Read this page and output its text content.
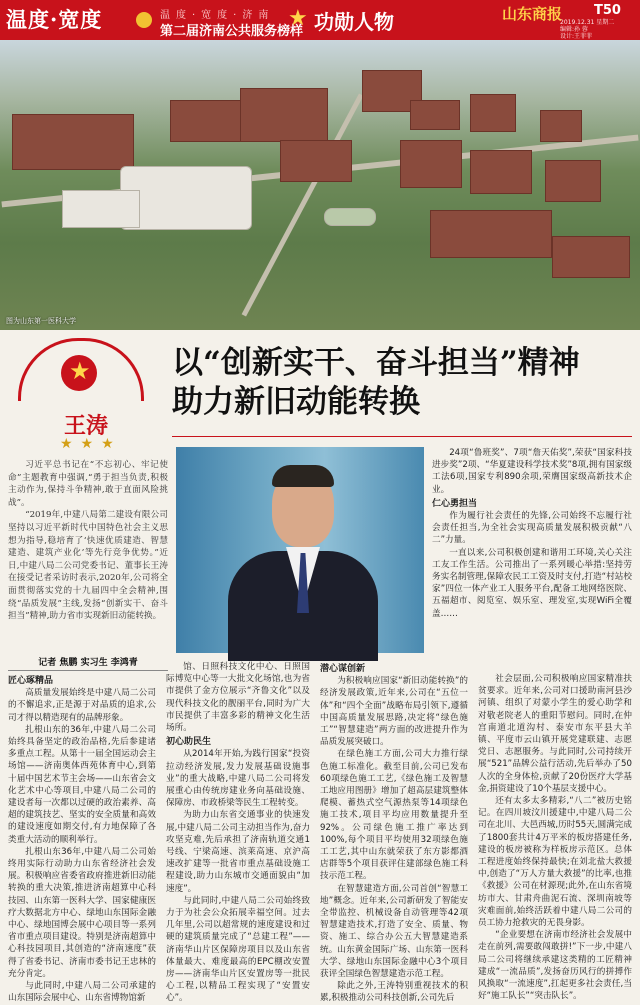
温度·宽度	温度·宽度·济南
第二届济南公共服务榜样
★ 功勋人物	山东商报 T50
2019.12.31 星期二
编辑:孙 蓉
设计:王菲菲
图为山东第一医科大学
★
王涛
★★★
以“创新实干、奋斗担当”精神
助力新旧动能转换

习近平总书记在“不忘初心、牢记使命”主题教育中强调,“勇于担当负责,积极主动作为,保持斗争精神,敢于直面风险挑战”。

“2019年,中建八局第二建设有限公司坚持以习近平新时代中国特色社会主义思想为指导,稳培育了‘快速优质建造、智慧建造、建筑产业化’等先行竞争优势。”近日,中建八局二公司党委书记、董事长王涛在接受记者采访时表示,2020年,公司将全面贯彻落实党的十九届四中全会精神,围绕“品质发展”主线,发扬“创新实干、奋斗担当”精神,助力省市实现新旧动能转换。

记者 焦鹏 实习生 李鸿青

24项“鲁班奖”、7项“詹天佑奖”,荣获“国家科技进步奖”2项、“华夏建设科学技术奖”8项,拥有国家级工法6项,国家专利890余项,荣膺国家级高新技术企业。

仁心勇担当

作为履行社会责任的先锋,公司始终不忘履行社会责任担当,为全社会实现高质量发展积极贡献“八二”力量。

一直以来,公司积极创建和谐用工环境,关心关注工友工作生活。公司推出了一系列暖心举措:坚持劳务实名制管理,保障农民工工资及时支付,打造“村站校家”四位一体产业工人服务平台,配备工地网络医院、五福超市、阅览室、娱乐室、理发室,实现WiFi全覆盖……

匠心琢精品

高质量发展始终是中建八局二公司的不懈追求,正是源于对品质的追求,公司才得以精造现有的品牌形象。

扎根山东的36年,中建八局二公司始终具备坚定的政治品格,先后参建诸多重点工程。从第十一届全国运动会主场馆——济南奥体西苑体育中心,到第十届中国艺术节主会场——山东省会文化艺术中心等项目,中建八局二公司的建设者每一次都以过硬的政治素养、高超的建筑技艺、坚实的安全质量和高效的建设速度如期交付,有力地保障了各类重大活动的顺利举行。

扎根山东36年,中建八局二公司始终用实际行动助力山东省经济社会发展。积极响应省委省政府推进新旧动能转换的重大决策,推进济南超算中心科技园、山东第一医科大学、国家健康医疗大数据北方中心、绿地山东国际金融中心、绿地国博会展中心项目等一系列省市重点项目建设。特别是济南超算中心科技园项目,其创造的“济南速度”获得了省委书记、济南市委书记王忠林的充分肯定。

与此同时,中建八局二公司承建的山东国际会展中心、山东省博物馆新

馆、日照科技文化中心、日照国际博览中心等一大批文化场馆,也为省市提供了金方位展示“齐鲁文化”以及现代科技文化的靓丽平台,同时为广大市民提供了丰富多彩的精神文化生活场所。

初心助民生

从2014年开始,为践行国家“投资拉动经济发展,发力发展基础设施事业”的重大战略,中建八局二公司将发展重心由传统房建业务向基础设施、保障房、市政桥梁等民生工程转变。

为助力山东省交通事业的快速发展,中建八局二公司主动担当作为,奋力攻坚克难,先后承担了济南轨道交通1号线、宁梁高速、滨莱高速、京沪高速改扩建等一批省市重点基础设施工程建设,助力山东城市交通面貌由“加速度”。

与此同时,中建八局二公司始终致力于为社会公众拓展幸福空间。过去几年里,公司以超常规的速度建设和过硬的建筑质量完成了“总建工程”——济南华山片区保障房项目以及山东省体量最大、难度最高的EPC棚改安置房——济南华山片区安置房等一批民心工程,以精品工程实现了“安置安心”。

潜心谋创新

为积极响应国家“新旧动能转换”的经济发展政策,近年来,公司在“五位一体”和“四个全面”战略布局引领下,遵循中国高质量发展思路,决定将“绿色施工”“智慧建造”两方面的改进提升作为品质发展突破口。

在绿色施工方面,公司大力推行绿色施工标准化。截至目前,公司已发布60项绿色施工工艺,《绿色施工及智慧工地应用图册》增加了超高层建筑整体爬模、蓄热式空气源热泵等14项绿色施工技术,项目平均应用数量提升至92%。公司绿色施工推广率达到100%,每个项目平均使用32项绿色施工工艺,其中山东就荣获了东方影都酒店群等5个项目获评住建部绿色施工科技示范工程。

在智慧建造方面,公司首创“智慧工地”概念。近年来,公司新研发了智能安全带监控、机械设备自动管理等42项智慧建造技术,打造了安全、质量、物资、施工、综合办公五大智慧建造系统。山东黄金国际广场、山东第一医科大学、绿地山东国际金融中心3个项目获评全国绿色智慧建造示范工程。

除此之外,王涛特别重视技术的积累,积极推动公司科技创新,公司先后

社会层面,公司积极响应国家精准扶贫要求。近年来,公司对口援助南河县沙河镇、组织了对蒙小学生的爱心助学和对敬老院老人的重阳节慰问。同时,在仲宫南道北道沟村、泰安市东平县大羊镇、平度市云山镇开展党建联建、志愿党日、志愿服务。与此同时,公司持续开展“521”品牌公益行活动,先后举办了50人次的全身体检,贡献了20份医疗大学基金,捐资建设了10个基层支援中心。

还有太多太多精彩,“八二”被历史铭记。在四川坡汶川援建中,中建八局二公司在北川、大邑西城,历时55天,圆满完成了1800套共计4万平米的板房搭建任务,建设的板房被称为样板房示范区。总体工程进度始终保持最快;在刘北盐大救援中,创造了“万人方量大救援”的比率,也推《救援》公司在材源现;此外,在山东省境坊市大、甘肃舟曲泥石流、深圳南坡等灾难面前,始终活跃着中建八局二公司的员工协力抢救灾的无畏身影。

“企业要想在济南市经济社会发展中走在前列,需要敢闯敢拼!”下一步,中建八局二公司将继续承建这类精的工匠精神建成“一流品质”,发扬奋历风行的拼搏作风换取“一流速度”,扛起更多社会责任,当好“施工队长”“突击队长”。
